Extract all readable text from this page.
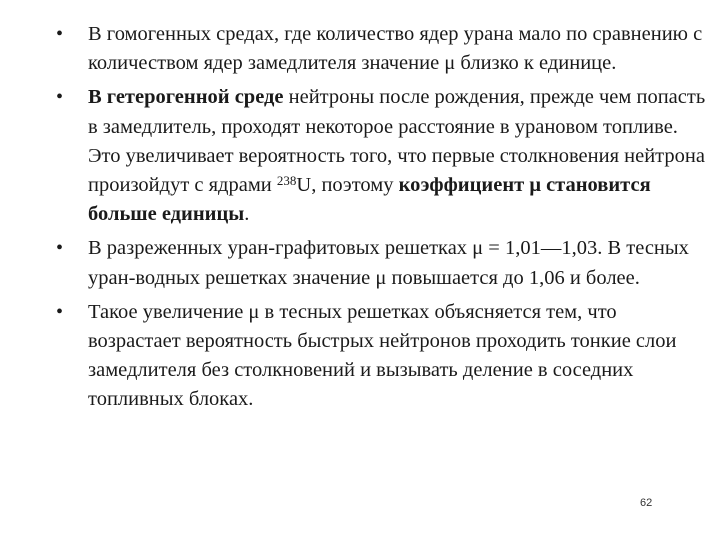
• В гомогенных средах, где количество ядер урана мало по сравнению с количеством ядер замедлителя значение μ близко к единице.
• В гетерогенной среде нейтроны после рождения, прежде чем попасть в замедлитель, проходят некоторое расстояние в урановом топливе. Это увеличивает вероятность того, что первые столкновения нейтрона произойдут с ядрами $^{238}$U, поэтому коэффициент μ становится больше единицы.
• В разреженных уран-графитовых решетках μ = 1,01—1,03. В тесных уран-водных решетках значение μ повышается до 1,06 и более.
• Такое увеличение μ в тесных решетках объясняется тем, что возрастает вероятность быстрых нейтронов проходить тонкие слои замедлителя без столкновений и вызывать деление в соседних топливных блоках.
62
